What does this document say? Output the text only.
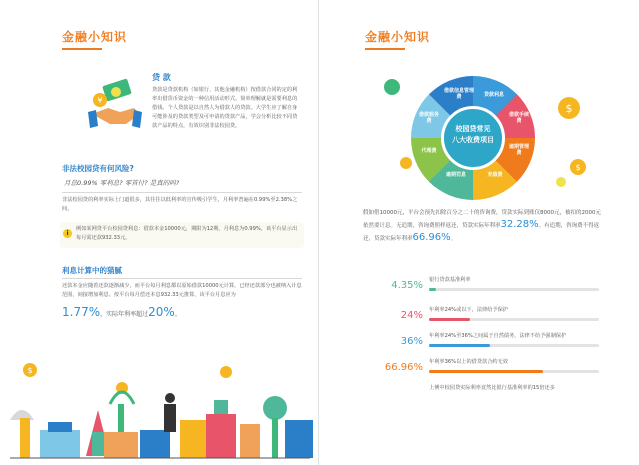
金融小知识
¥
贷 款
贷款是贷款机构（如银行、其他金融机构）按借款合同的定的利率出借货币资金的一种信用活动形式。简单理解就是需要利息的借钱。个人贷款是以自然人为借款人的贷款。大学生应了解自身可能涉及的贷款类型及可申请的贷款产品，学会分析比较不同贷款产品的特点，有效识别非法校园贷。
非法校园贷有何风险?
月息0.99% 零利息? 零首付? 是真的吗?
非法校园贷的利率实际上门道很多，其往往以低利率的宣传吸引学生，月利率普遍在0.99%至2.38%之间。
i
例如某网贷平台校园贷利息：借款本金10000元，期限为12期，月利息为0.99%，该平台显示出每月需还款932.33元。
利息计算中的猫腻
还款本金应随着还款逐渐减少，而平台每月利息都以原始借款10000元计算，已经还款部分也被纳入计息范围，间接增加利息。按平台每月偿还本息932.33元推算，该平台月息应为
1.77%，实际年利率超过20%。
$
金融小知识
$
$
校园贷常见
八大收费项目
贷款利息
借款手续费
逾期管理费
充值费
逾期罚息
代理费
借款服务费
借款信息管理费
假如借10000元，平台会预先扣除百分之二十的咨询费，贷款实际到账仅8000元，被扣的2000元依然要计息。无追期，咨询费照样返还，贷款实际年利率32.28%。有追期，咨询费不得返还，贷款实际年利率66.96%。
4.35% 银行贷款基准利率
24% 年利率24%或以下，法律给予保护
36% 年利率24%至36%之间属于自然债务，法律不给予强制保护
66.96% 年利率36%以上的借贷款合约无效
上例中校园贷实际利率竟然比银行基准利率的15倍还多
